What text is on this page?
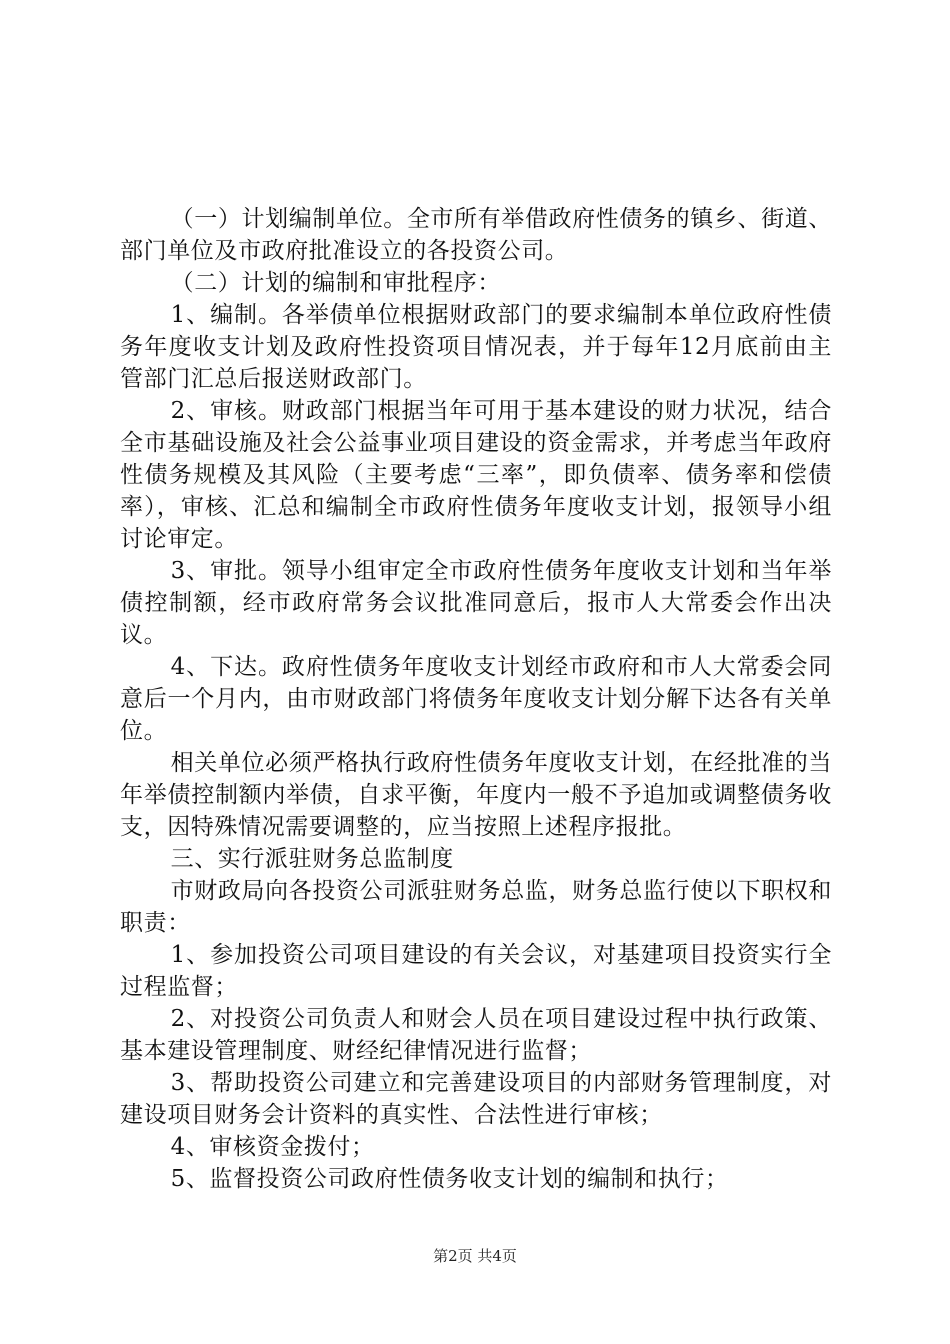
（一）计划编制单位。全市所有举借政府性债务的镇乡、街道、部门单位及市政府批准设立的各投资公司。

（二）计划的编制和审批程序：

1、编制。各举债单位根据财政部门的要求编制本单位政府性债务年度收支计划及政府性投资项目情况表，并于每年12月底前由主管部门汇总后报送财政部门。

2、审核。财政部门根据当年可用于基本建设的财力状况，结合全市基础设施及社会公益事业项目建设的资金需求，并考虑当年政府性债务规模及其风险（主要考虑“三率”，即负债率、债务率和偿债率），审核、汇总和编制全市政府性债务年度收支计划，报领导小组讨论审定。

3、审批。领导小组审定全市政府性债务年度收支计划和当年举债控制额，经市政府常务会议批准同意后，报市人大常委会作出决议。

4、下达。政府性债务年度收支计划经市政府和市人大常委会同意后一个月内，由市财政部门将债务年度收支计划分解下达各有关单位。

相关单位必须严格执行政府性债务年度收支计划，在经批准的当年举债控制额内举债，自求平衡，年度内一般不予追加或调整债务收支，因特殊情况需要调整的，应当按照上述程序报批。

三、实行派驻财务总监制度

市财政局向各投资公司派驻财务总监，财务总监行使以下职权和职责：

1、参加投资公司项目建设的有关会议，对基建项目投资实行全过程监督；

2、对投资公司负责人和财会人员在项目建设过程中执行政策、基本建设管理制度、财经纪律情况进行监督；

3、帮助投资公司建立和完善建设项目的内部财务管理制度，对建设项目财务会计资料的真实性、合法性进行审核；

4、审核资金拨付；

5、监督投资公司政府性债务收支计划的编制和执行；

第2页 共4页
